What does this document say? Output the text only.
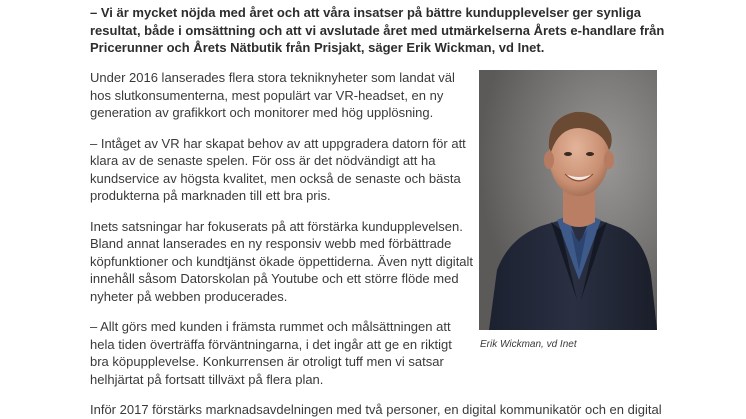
– Vi är mycket nöjda med året och att våra insatser på bättre kundupplevelser ger synliga resultat, både i omsättning och att vi avslutade året med utmärkelserna Årets e-handlare från Pricerunner och Årets Nätbutik från Prisjakt, säger Erik Wickman, vd Inet.

Under 2016 lanserades flera stora tekniknyheter som landat väl hos slutkonsumenterna, mest populärt var VR-headset, en ny generation av grafikkort och monitorer med hög upplösning.

– Intåget av VR har skapat behov av att uppgradera datorn för att klara av de senaste spelen. För oss är det nödvändigt att ha kundservice av högsta kvalitet, men också de senaste och bästa produkterna på marknaden till ett bra pris.

Inets satsningar har fokuserats på att förstärka kundupplevelsen. Bland annat lanserades en ny responsiv webb med förbättrade köpfunktioner och kundtjänst ökade öppettiderna. Även nytt digitalt innehåll såsom Datorskolan på Youtube och ett större flöde med nyheter på webben producerades.

– Allt görs med kunden i främsta rummet och målsättningen att hela tiden överträffa förväntningarna, i det ingår att ge en riktigt bra köpupplevelse. Konkurrensen är otroligt tuff men vi satsar helhjärtat på fortsatt tillväxt på flera plan.

Inför 2017 förstärks marknadsavdelningen med två personer, en digital kommunikatör och en digital

Erik Wickman, vd Inet
